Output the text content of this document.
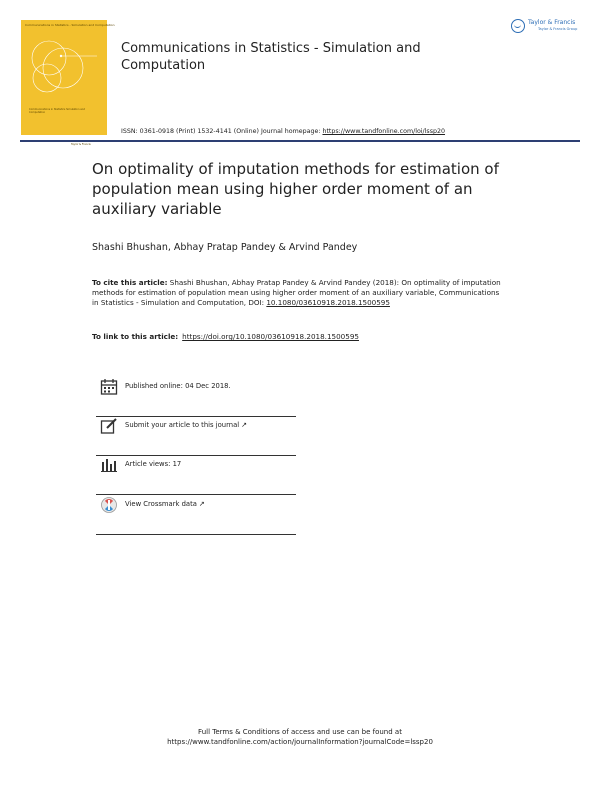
Communications in Statistics - Simulation and Computation
Communications in Statistics Simulation and Computation
Taylor & Francis
Communications in Statistics - Simulation and Computation
Taylor & Francis
Taylor & Francis Group
ISSN: 0361-0918 (Print) 1532-4141 (Online) Journal homepage: https://www.tandfonline.com/loi/lssp20
On optimality of imputation methods for estimation of population mean using higher order moment of an auxiliary variable
Shashi Bhushan, Abhay Pratap Pandey & Arvind Pandey
To cite this article: Shashi Bhushan, Abhay Pratap Pandey & Arvind Pandey (2018): On optimality of imputation methods for estimation of population mean using higher order moment of an auxiliary variable, Communications in Statistics - Simulation and Computation, DOI: 10.1080/03610918.2018.1500595
To link to this article: https://doi.org/10.1080/03610918.2018.1500595
Published online: 04 Dec 2018.
Submit your article to this journal ↗
Article views: 17
View Crossmark data ↗
Full Terms & Conditions of access and use can be found at
https://www.tandfonline.com/action/journalInformation?journalCode=lssp20
